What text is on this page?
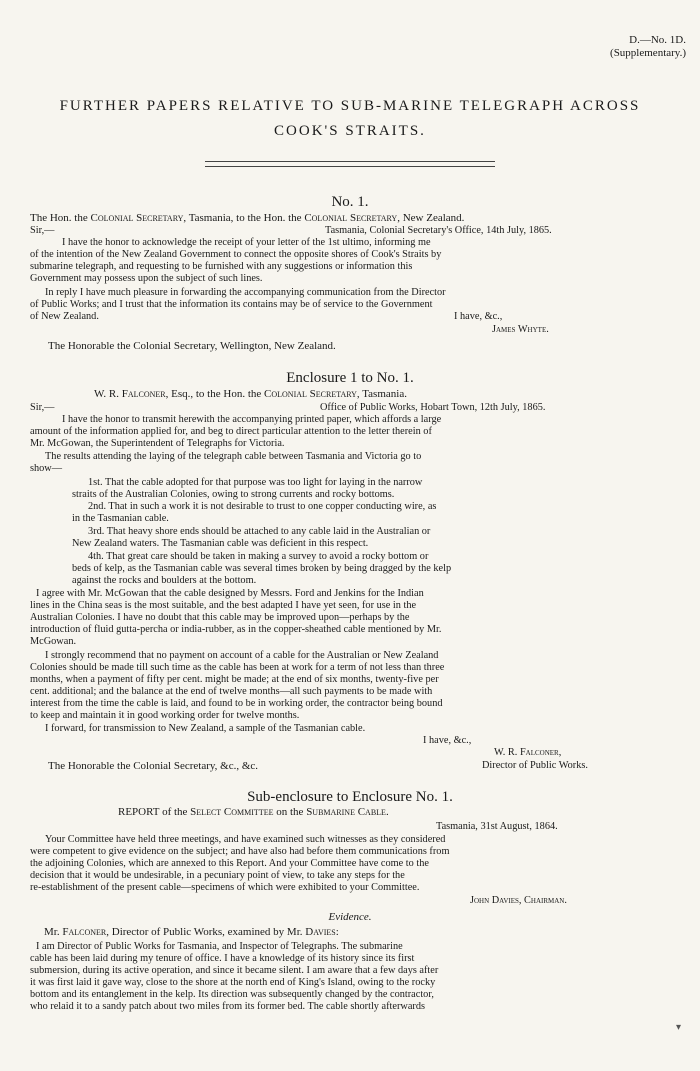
D.—No. 1D.
(Supplementary.)
FURTHER PAPERS RELATIVE TO SUB-MARINE TELEGRAPH ACROSS
COOK'S STRAITS.
No. 1.
The Hon. the Colonial Secretary, Tasmania, to the Hon. the Colonial Secretary, New Zealand.
Sir,—	Tasmania, Colonial Secretary's Office, 14th July, 1865.
I have the honor to acknowledge the receipt of your letter of the 1st ultimo, informing me
of the intention of the New Zealand Government to connect the opposite shores of Cook's Straits by
submarine telegraph, and requesting to be furnished with any suggestions or information this
Government may possess upon the subject of such lines.
In reply I have much pleasure in forwarding the accompanying communication from the Director
of Public Works; and I trust that the information its contains may be of service to the Government
of New Zealand.	I have, &c.,
James Whyte.
The Honorable the Colonial Secretary, Wellington, New Zealand.
Enclosure 1 to No. 1.
W. R. Falconer, Esq., to the Hon. the Colonial Secretary, Tasmania.
Sir,—	Office of Public Works, Hobart Town, 12th July, 1865.
I have the honor to transmit herewith the accompanying printed paper, which affords a large
amount of the information applied for, and beg to direct particular attention to the letter therein of
Mr. McGowan, the Superintendent of Telegraphs for Victoria.
The results attending the laying of the telegraph cable between Tasmania and Victoria go to
show—
1st. That the cable adopted for that purpose was too light for laying in the narrow
straits of the Australian Colonies, owing to strong currents and rocky bottoms.
2nd. That in such a work it is not desirable to trust to one copper conducting wire, as
in the Tasmanian cable.
3rd. That heavy shore ends should be attached to any cable laid in the Australian or
New Zealand waters. The Tasmanian cable was deficient in this respect.
4th. That great care should be taken in making a survey to avoid a rocky bottom or
beds of kelp, as the Tasmanian cable was several times broken by being dragged by the kelp
against the rocks and boulders at the bottom.
I agree with Mr. McGowan that the cable designed by Messrs. Ford and Jenkins for the Indian
lines in the China seas is the most suitable, and the best adapted I have yet seen, for use in the
Australian Colonies. I have no doubt that this cable may be improved upon—perhaps by the
introduction of fluid gutta-percha or india-rubber, as in the copper-sheathed cable mentioned by Mr.
McGowan.
I strongly recommend that no payment on account of a cable for the Australian or New Zealand
Colonies should be made till such time as the cable has been at work for a term of not less than three
months, when a payment of fifty per cent. might be made; at the end of six months, twenty-five per
cent. additional; and the balance at the end of twelve months—all such payments to be made with
interest from the time the cable is laid, and found to be in working order, the contractor being bound
to keep and maintain it in good working order for twelve months.
I forward, for transmission to New Zealand, a sample of the Tasmanian cable.
I have, &c.,
W. R. Falconer,
Director of Public Works.
The Honorable the Colonial Secretary, &c., &c.
Sub-enclosure to Enclosure No. 1.
REPORT of the Select Committee on the Submarine Cable.
Tasmania, 31st August, 1864.
Your Committee have held three meetings, and have examined such witnesses as they considered
were competent to give evidence on the subject; and have also had before them communications from
the adjoining Colonies, which are annexed to this Report. And your Committee have come to the
decision that it would be undesirable, in a pecuniary point of view, to take any steps for the
re-establishment of the present cable—specimens of which were exhibited to your Committee.
John Davies, Chairman.
Evidence.
Mr. Falconer, Director of Public Works, examined by Mr. Davies:
I am Director of Public Works for Tasmania, and Inspector of Telegraphs. The submarine
cable has been laid during my tenure of office. I have a knowledge of its history since its first
submersion, during its active operation, and since it became silent. I am aware that a few days after
it was first laid it gave way, close to the shore at the north end of King's Island, owing to the rocky
bottom and its entanglement in the kelp. Its direction was subsequently changed by the contractor,
who relaid it to a sandy patch about two miles from its former bed. The cable shortly afterwards
▾
